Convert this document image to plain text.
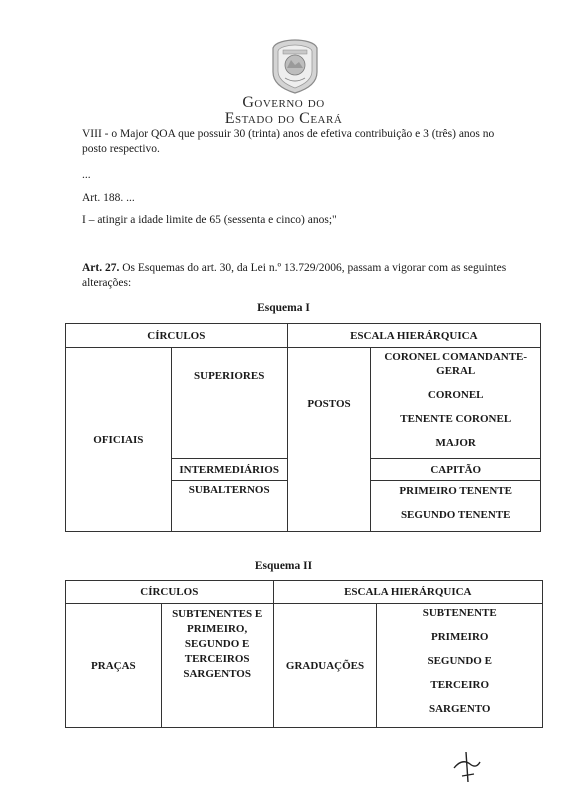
Governo do
Estado do Ceará
VIII - o Major QOA que possuir 30 (trinta) anos de efetiva contribuição e 3 (três) anos no
posto respectivo.
...
Art. 188. ...
I – atingir a idade limite de 65 (sessenta e cinco) anos;"
Art. 27. Os Esquemas do art. 30, da Lei n.º 13.729/2006, passam a vigorar com as seguintes
alterações:
Esquema I
CÍRCULOS		ESCALA HIERÁRQUICA	
OFICIAIS	SUPERIORES	POSTOS	CORONEL COMANDANTE-
GERAL
CORONEL
TENENTE CORONEL
MAJOR

	INTERMEDIÁRIOS		CAPITÃO
	SUBALTERNOS		PRIMEIRO TENENTE
SEGUNDO TENENTE
Esquema II
CÍRCULOS		ESCALA HIERÁRQUICA	
PRAÇAS	SUBTENENTES E
PRIMEIRO,
SEGUNDO E
TERCEIROS
SARGENTOS	GRADUAÇÕES	SUBTENENTE
PRIMEIRO
SEGUNDO E
TERCEIRO
SARGENTO
